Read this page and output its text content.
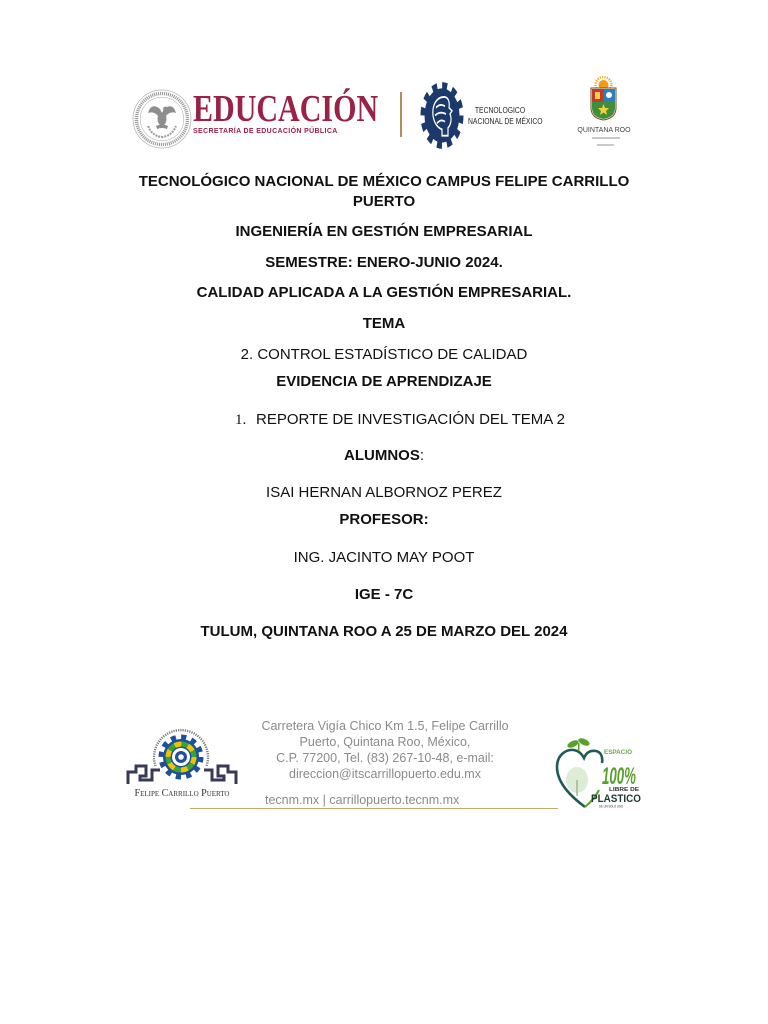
EDUCACIÓN
SECRETARÍA DE EDUCACIÓN PÚBLICA
TECNOLOGICO
NACIONAL DE MÉXICO
QUINTANA ROO
TECNOLÓGICO NACIONAL DE MÉXICO CAMPUS FELIPE CARRILLO PUERTO
INGENIERÍA EN GESTIÓN EMPRESARIAL
SEMESTRE: ENERO-JUNIO 2024.
CALIDAD APLICADA A LA GESTIÓN EMPRESARIAL.
TEMA
2. CONTROL ESTADÍSTICO DE CALIDAD
EVIDENCIA DE APRENDIZAJE
1. REPORTE DE INVESTIGACIÓN DEL TEMA 2
ALUMNOS:
ISAI HERNAN ALBORNOZ PEREZ
PROFESOR:
ING. JACINTO MAY POOT
IGE - 7C
TULUM, QUINTANA ROO A 25 DE MARZO DEL 2024
Felipe Carrillo Puerto
Carretera Vigía Chico Km 1.5, Felipe Carrillo
Puerto, Quintana Roo, México,
C.P. 77200, Tel. (83) 267-10-48, e-mail:
direccion@itscarrillopuerto.edu.mx
tecnm.mx | carrillopuerto.tecnm.mx
ESPACIO
100%
LIBRE DE
PLASTICO
DE UN SOLO USO
